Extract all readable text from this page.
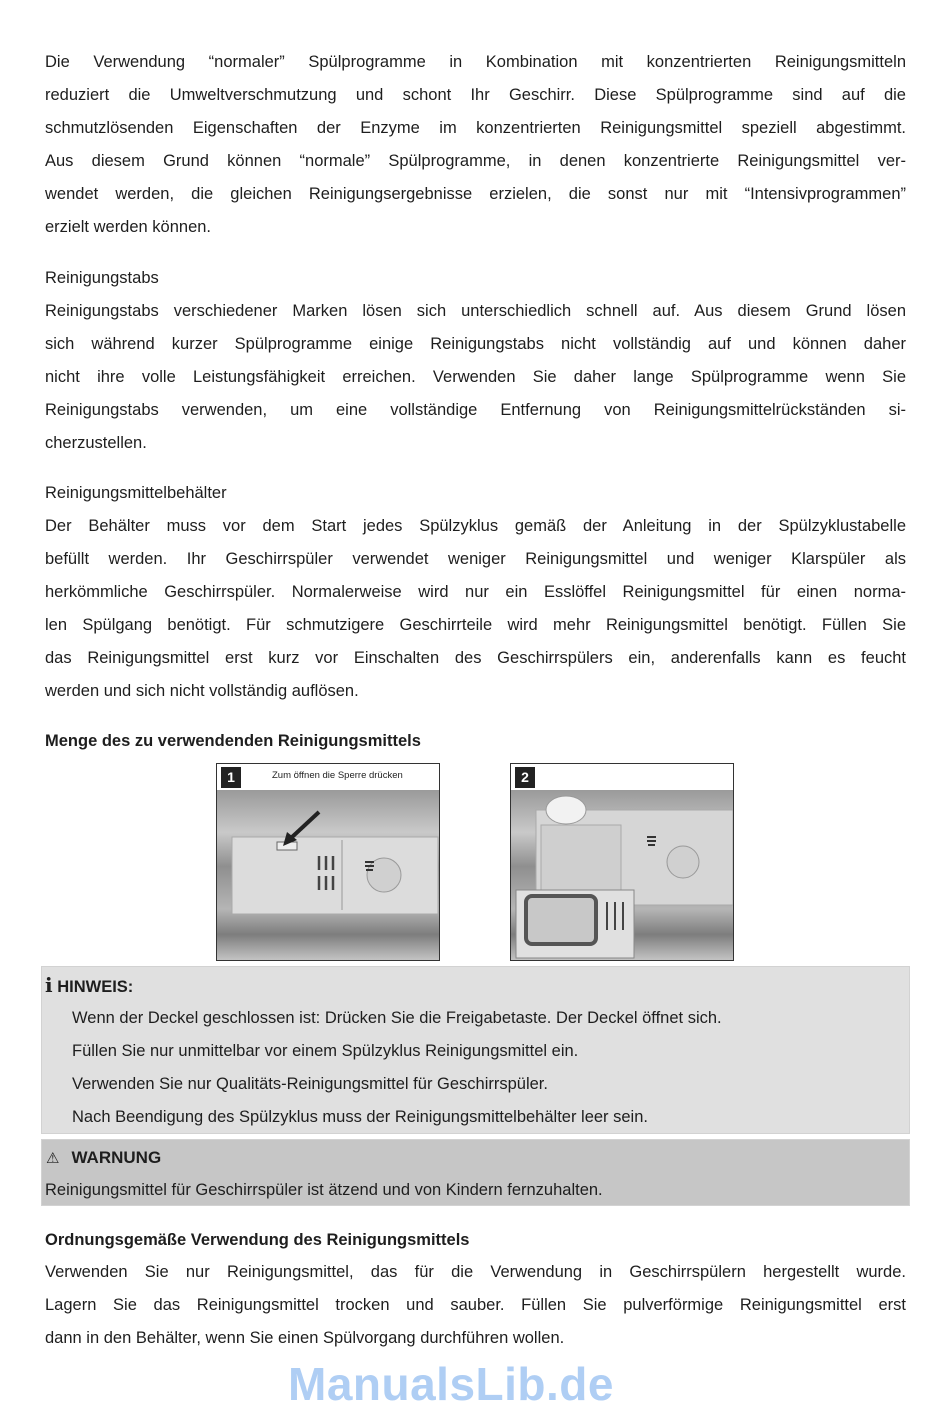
Die Verwendung “normaler” Spülprogramme in Kombination mit konzentrierten Reinigungsmitteln
reduziert die Umweltverschmutzung und schont Ihr Geschirr. Diese Spülprogramme sind auf die
schmutzlösenden Eigenschaften der Enzyme im konzentrierten Reinigungsmittel speziell abgestimmt.
Aus diesem Grund können “normale” Spülprogramme, in denen konzentrierte Reinigungsmittel ver-
wendet werden, die gleichen Reinigungsergebnisse erzielen, die sonst nur mit “Intensivprogrammen”
erzielt werden können.
Reinigungstabs
Reinigungstabs verschiedener Marken lösen sich unterschiedlich schnell auf. Aus diesem Grund lösen
sich während kurzer Spülprogramme einige Reinigungstabs nicht vollständig auf und können daher
nicht ihre volle Leistungsfähigkeit erreichen. Verwenden Sie daher lange Spülprogramme wenn Sie
Reinigungstabs verwenden, um eine vollständige Entfernung von Reinigungsmittelrückständen si-
cherzustellen.
Reinigungsmittelbehälter
Der Behälter muss vor dem Start jedes Spülzyklus gemäß der Anleitung in der Spülzyklustabelle
befüllt werden. Ihr Geschirrspüler verwendet weniger Reinigungsmittel und weniger Klarspüler als
herkömmliche Geschirrspüler. Normalerweise wird nur ein Esslöffel Reinigungsmittel für einen norma-
len Spülgang benötigt. Für schmutzigere Geschirrteile wird mehr Reinigungsmittel benötigt. Füllen Sie
das Reinigungsmittel erst kurz vor Einschalten des Geschirrspülers ein, anderenfalls kann es feucht
werden und sich nicht vollständig auflösen.
Menge des zu verwendenden Reinigungsmittels
1	Zum öffnen die Sperre drücken	2
i HINWEIS:
Wenn der Deckel geschlossen ist: Drücken Sie die Freigabetaste. Der Deckel öffnet sich.
Füllen Sie nur unmittelbar vor einem Spülzyklus Reinigungsmittel ein.
Verwenden Sie nur Qualitäts-Reinigungsmittel für Geschirrspüler.
Nach Beendigung des Spülzyklus muss der Reinigungsmittelbehälter leer sein.
⚠ WARNUNG
Reinigungsmittel für Geschirrspüler ist ätzend und von Kindern fernzuhalten.
Ordnungsgemäße Verwendung des Reinigungsmittels
Verwenden Sie nur Reinigungsmittel, das für die Verwendung in Geschirrspülern hergestellt wurde.
Lagern Sie das Reinigungsmittel trocken und sauber. Füllen Sie pulverförmige Reinigungsmittel erst
dann in den Behälter, wenn Sie einen Spülvorgang durchführen wollen.
ManualsLib.de
